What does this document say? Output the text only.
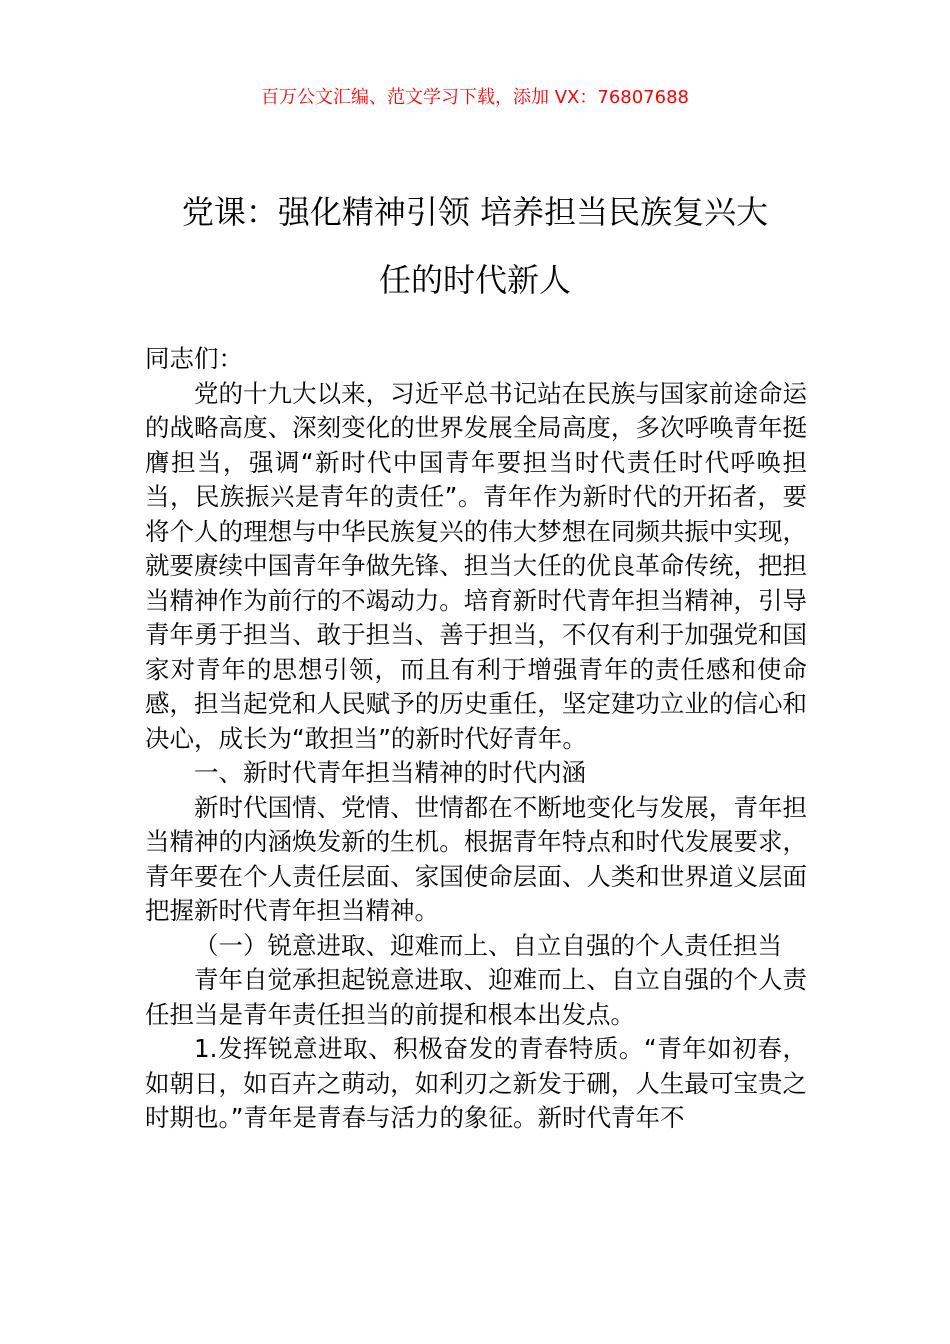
百万公文汇编、范文学习下载，添加 VX：76807688
党课：强化精神引领 培养担当民族复兴大
任的时代新人

同志们：

党的十九大以来，习近平总书记站在民族与国家前途命运的战略高度、深刻变化的世界发展全局高度，多次呼唤青年挺膺担当，强调“新时代中国青年要担当时代责任时代呼唤担当，民族振兴是青年的责任”。青年作为新时代的开拓者，要将个人的理想与中华民族复兴的伟大梦想在同频共振中实现，就要赓续中国青年争做先锋、担当大任的优良革命传统，把担当精神作为前行的不竭动力。培育新时代青年担当精神，引导青年勇于担当、敢于担当、善于担当，不仅有利于加强党和国家对青年的思想引领，而且有利于增强青年的责任感和使命感，担当起党和人民赋予的历史重任，坚定建功立业的信心和决心，成长为“敢担当”的新时代好青年。

一、新时代青年担当精神的时代内涵

新时代国情、党情、世情都在不断地变化与发展，青年担当精神的内涵焕发新的生机。根据青年特点和时代发展要求，青年要在个人责任层面、家国使命层面、人类和世界道义层面把握新时代青年担当精神。

（一）锐意进取、迎难而上、自立自强的个人责任担当

青年自觉承担起锐意进取、迎难而上、自立自强的个人责任担当是青年责任担当的前提和根本出发点。

1.发挥锐意进取、积极奋发的青春特质。“青年如初春，如朝日，如百卉之萌动，如利刃之新发于硎，人生最可宝贵之时期也。”青年是青春与活力的象征。新时代青年不
